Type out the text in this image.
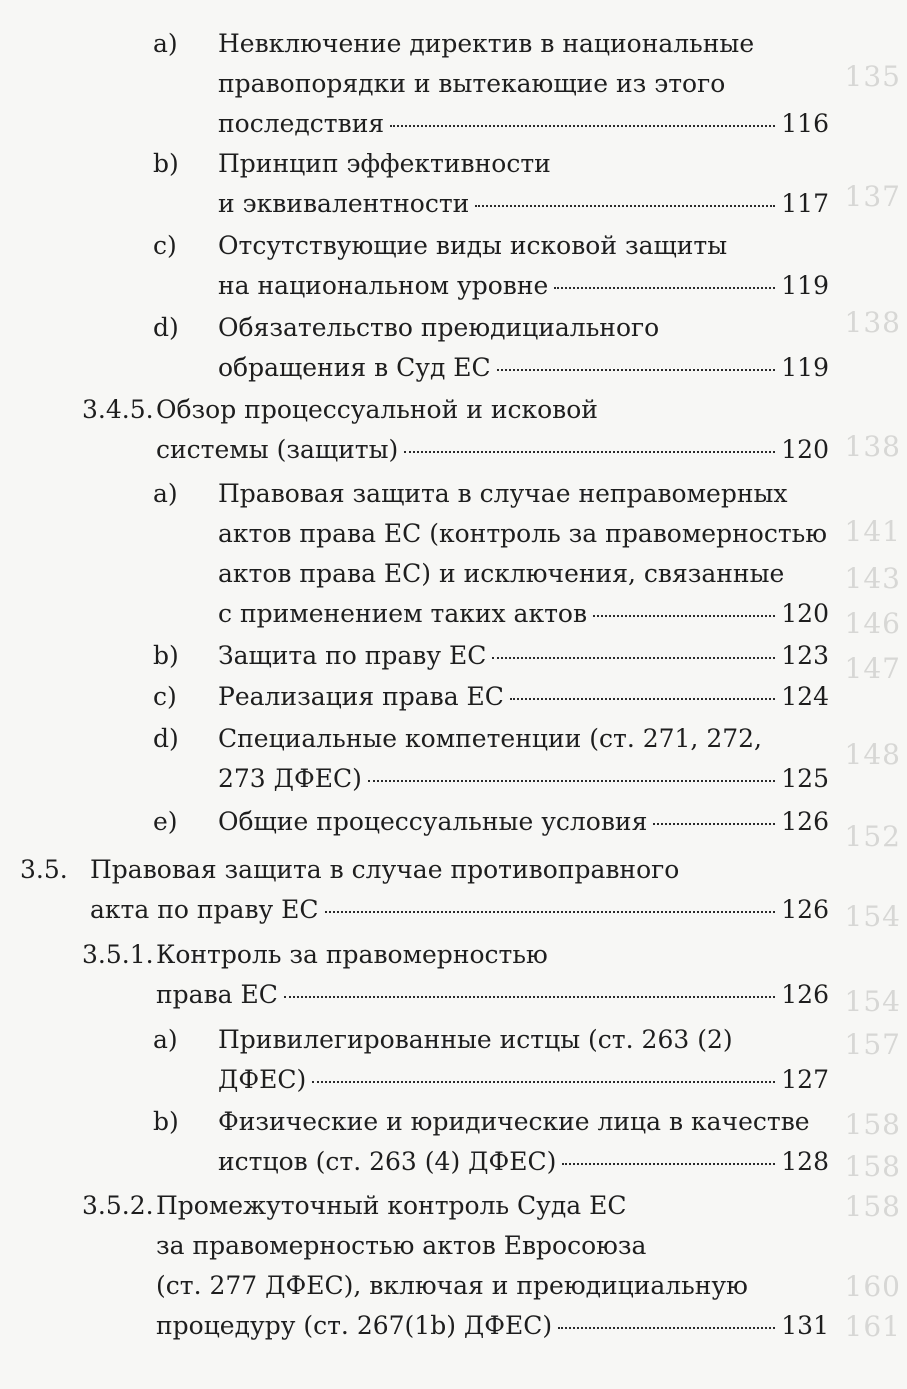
135
137
138
138
141
143
146
147
148
152
154
154
157
158
158
158
160
161
a) Невключение директив в национальные
правопорядки и вытекающие из этого
последствия	116
b) Принцип эффективности
и эквивалентности	117
c) Отсутствующие виды исковой защиты
на национальном уровне	119
d) Обязательство преюдициального
обращения в Суд ЕС	119
3.4.5. Обзор процессуальной и исковой
системы (защиты)	120
a) Правовая защита в случае неправомерных
актов права ЕС (контроль за правомерностью
актов права ЕС) и исключения, связанные
с применением таких актов	120
b) Защита по праву ЕС	123
c) Реализация права ЕС	124
d) Специальные компетенции (ст. 271, 272,
273 ДФЕС)	125
e) Общие процессуальные условия	126
3.5. Правовая защита в случае противоправного
акта по праву ЕС	126
3.5.1. Контроль за правомерностью
права ЕС	126
a) Привилегированные истцы (ст. 263 (2)
ДФЕС)	127
b) Физические и юридические лица в качестве
истцов (ст. 263 (4) ДФЕС)	128
3.5.2. Промежуточный контроль Суда ЕС
за правомерностью актов Евросоюза
(ст. 277 ДФЕС), включая и преюдициальную
процедуру (ст. 267(1b) ДФЕС)	131
